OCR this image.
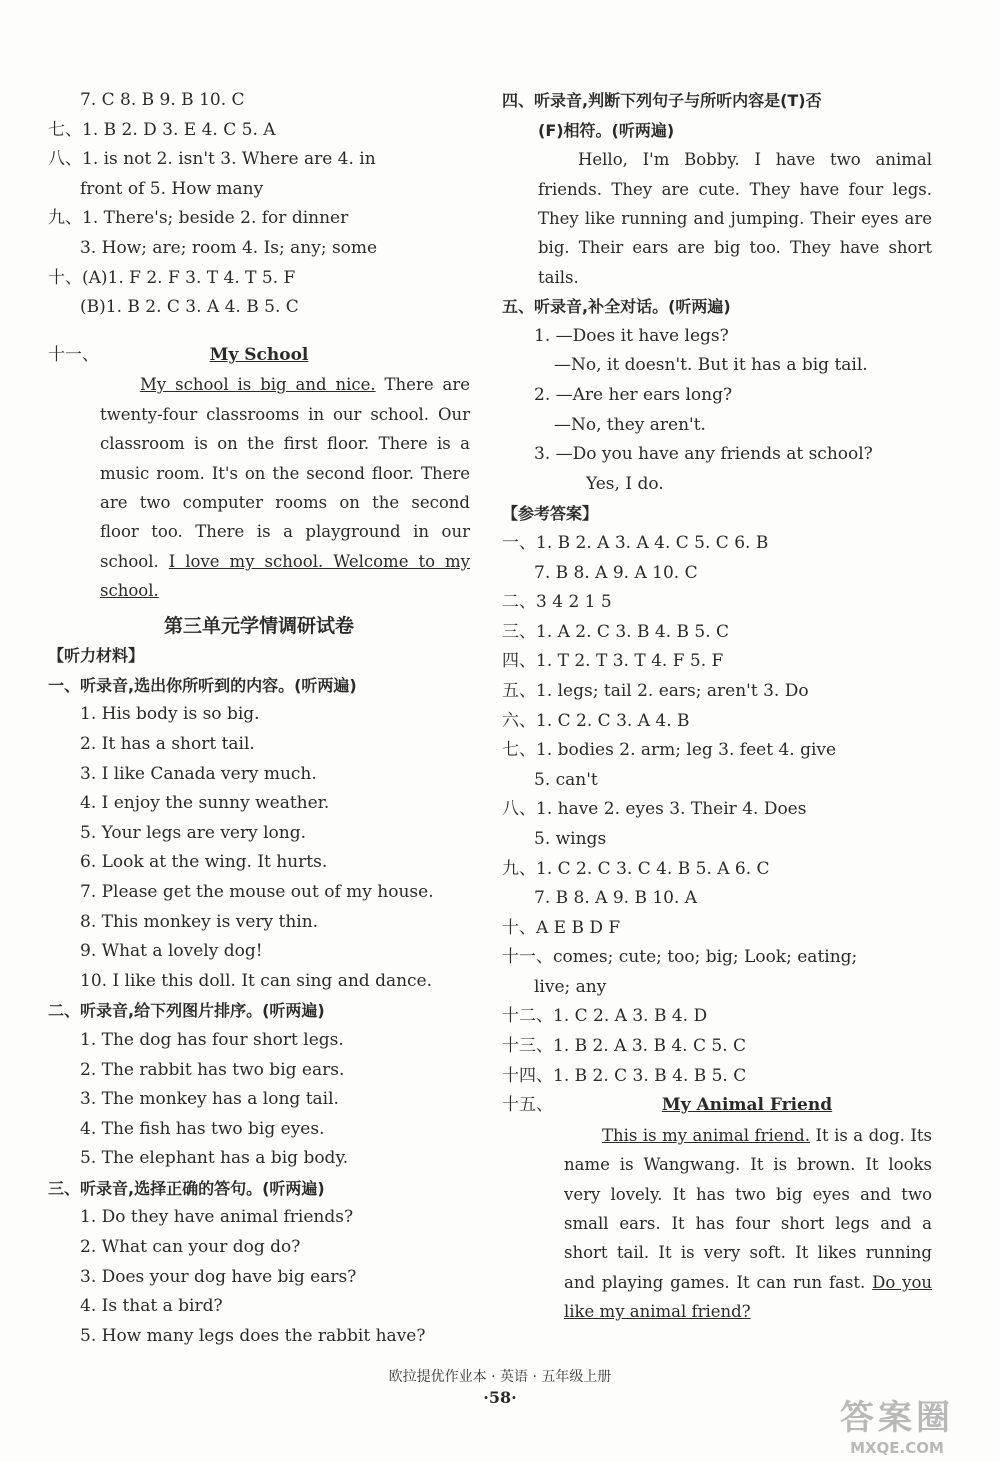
7. C 8. B 9. B 10. C
七、1. B 2. D 3. E 4. C 5. A
八、1. is not 2. isn't 3. Where are 4. in
front of 5. How many
九、1. There's; beside 2. for dinner
3. How; are; room 4. Is; any; some
十、(A)1. F 2. F 3. T 4. T 5. F
(B)1. B 2. C 3. A 4. B 5. C
十一、	My School
My school is big and nice. There are twenty-four classrooms in our school. Our classroom is on the first floor. There is a music room. It's on the second floor. There are two computer rooms on the second floor too. There is a playground in our school. I love my school. Welcome to my school.
第三单元学情调研试卷
【听力材料】
一、听录音,选出你所听到的内容。(听两遍)
1. His body is so big.
2. It has a short tail.
3. I like Canada very much.
4. I enjoy the sunny weather.
5. Your legs are very long.
6. Look at the wing. It hurts.
7. Please get the mouse out of my house.
8. This monkey is very thin.
9. What a lovely dog!
10. I like this doll. It can sing and dance.
二、听录音,给下列图片排序。(听两遍)
1. The dog has four short legs.
2. The rabbit has two big ears.
3. The monkey has a long tail.
4. The fish has two big eyes.
5. The elephant has a big body.
三、听录音,选择正确的答句。(听两遍)
1. Do they have animal friends?
2. What can your dog do?
3. Does your dog have big ears?
4. Is that a bird?
5. How many legs does the rabbit have?
四、听录音,判断下列句子与所听内容是(T)否
(F)相符。(听两遍)
Hello, I'm Bobby. I have two animal friends. They are cute. They have four legs. They like running and jumping. Their eyes are big. Their ears are big too. They have short tails.
五、听录音,补全对话。(听两遍)
1. —Does it have legs?
—No, it doesn't. But it has a big tail.
2. —Are her ears long?
—No, they aren't.
3. —Do you have any friends at school?
Yes, I do.
【参考答案】
一、1. B 2. A 3. A 4. C 5. C 6. B
7. B 8. A 9. A 10. C
二、3 4 2 1 5
三、1. A 2. C 3. B 4. B 5. C
四、1. T 2. T 3. T 4. F 5. F
五、1. legs; tail 2. ears; aren't 3. Do
六、1. C 2. C 3. A 4. B
七、1. bodies 2. arm; leg 3. feet 4. give
5. can't
八、1. have 2. eyes 3. Their 4. Does
5. wings
九、1. C 2. C 3. C 4. B 5. A 6. C
7. B 8. A 9. B 10. A
十、A E B D F
十一、comes; cute; too; big; Look; eating;
live; any
十二、1. C 2. A 3. B 4. D
十三、1. B 2. A 3. B 4. C 5. C
十四、1. B 2. C 3. B 4. B 5. C
十五、	My Animal Friend
This is my animal friend. It is a dog. Its name is Wangwang. It is brown. It looks very lovely. It has two big eyes and two small ears. It has four short legs and a short tail. It is very soft. It likes running and playing games. It can run fast. Do you like my animal friend?
欧拉提优作业本 · 英语 · 五年级上册
·58·
答案圈
MXQE.COM
